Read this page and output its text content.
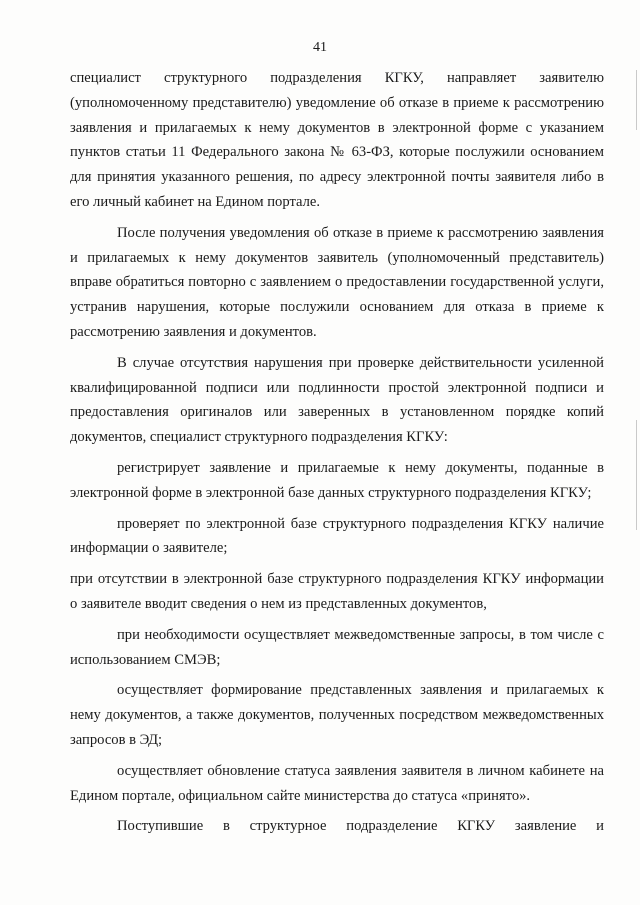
41

специалист структурного подразделения КГКУ, направляет заявителю (уполномоченному представителю) уведомление об отказе в приеме к рассмотрению заявления и прилагаемых к нему документов в электронной форме с указанием пунктов статьи 11 Федерального закона № 63-ФЗ, которые послужили основанием для принятия указанного решения, по адресу электронной почты заявителя либо в его личный кабинет на Едином портале.

После получения уведомления об отказе в приеме к рассмотрению заявления и прилагаемых к нему документов заявитель (уполномоченный представитель) вправе обратиться повторно с заявлением о предоставлении государственной услуги, устранив нарушения, которые послужили основанием для отказа в приеме к рассмотрению заявления и документов.

В случае отсутствия нарушения при проверке действительности усиленной квалифицированной подписи или подлинности простой электронной подписи и предоставления оригиналов или заверенных в установленном порядке копий документов, специалист структурного подразделения КГКУ:

регистрирует заявление и прилагаемые к нему документы, поданные в электронной форме в электронной базе данных структурного подразделения КГКУ;

проверяет по электронной базе структурного подразделения КГКУ наличие информации о заявителе;

при отсутствии в электронной базе структурного подразделения КГКУ информации о заявителе вводит сведения о нем из представленных документов,

при необходимости осуществляет межведомственные запросы, в том числе с использованием СМЭВ;

осуществляет формирование представленных заявления и прилагаемых к нему документов, а также документов, полученных посредством межведомственных запросов в ЭД;

осуществляет обновление статуса заявления заявителя в личном кабинете на Едином портале, официальном сайте министерства до статуса «принято».

Поступившие в структурное подразделение КГКУ заявление и
